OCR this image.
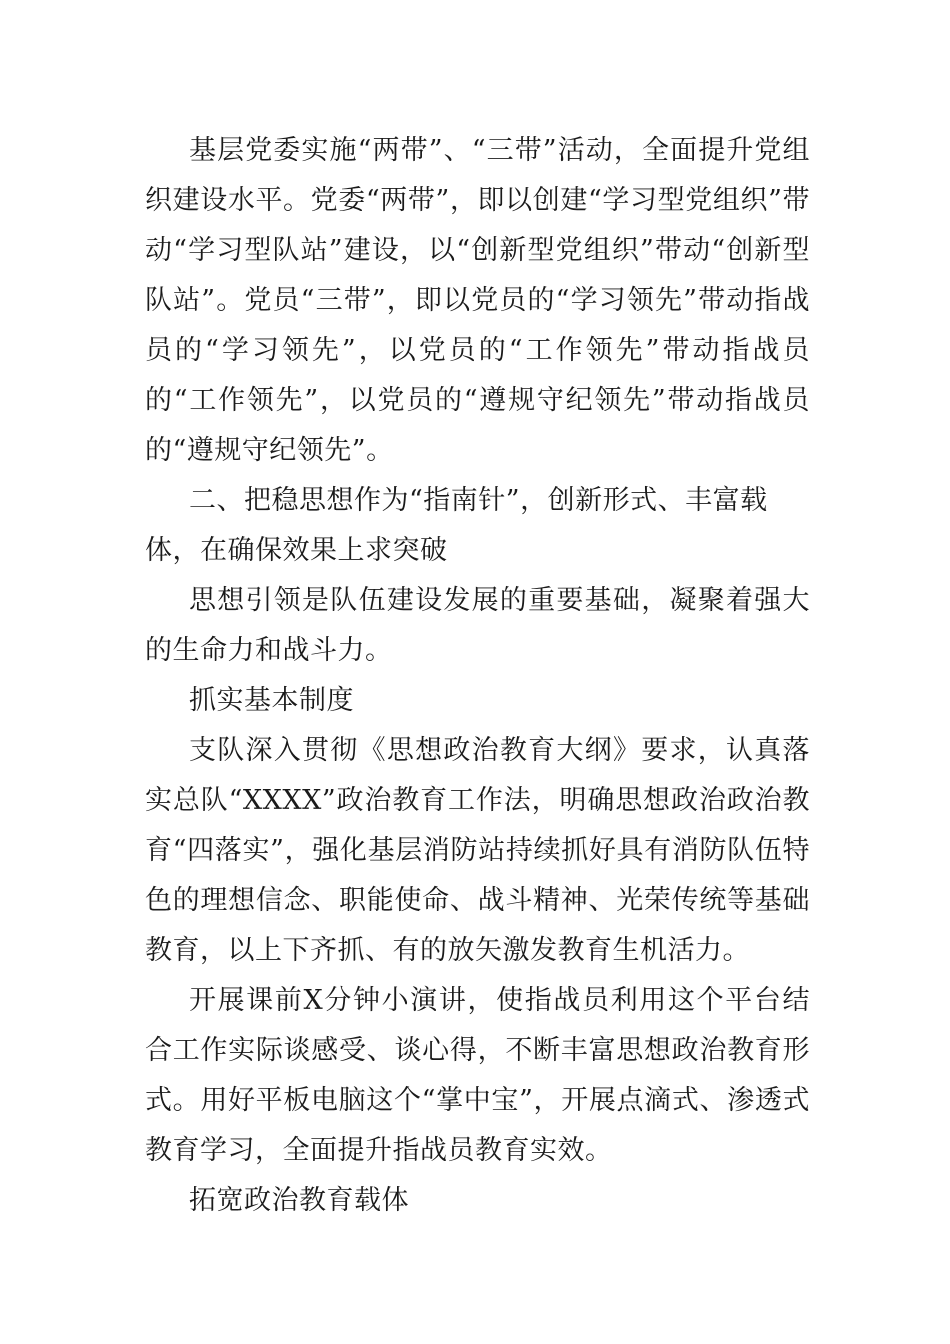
基层党委实施“两带”、“三带”活动，全面提升党组织建设水平。党委“两带”，即以创建“学习型党组织”带动“学习型队站”建设，以“创新型党组织”带动“创新型队站”。党员“三带”，即以党员的“学习领先”带动指战员的“学习领先”，以党员的“工作领先”带动指战员的“工作领先”，以党员的“遵规守纪领先”带动指战员的“遵规守纪领先”。

二、把稳思想作为“指南针”，创新形式、丰富载体，在确保效果上求突破

思想引领是队伍建设发展的重要基础，凝聚着强大的生命力和战斗力。

抓实基本制度

支队深入贯彻《思想政治教育大纲》要求，认真落实总队“XXXX”政治教育工作法，明确思想政治政治教育“四落实”，强化基层消防站持续抓好具有消防队伍特色的理想信念、职能使命、战斗精神、光荣传统等基础教育，以上下齐抓、有的放矢激发教育生机活力。

开展课前X分钟小演讲，使指战员利用这个平台结合工作实际谈感受、谈心得，不断丰富思想政治教育形式。用好平板电脑这个“掌中宝”，开展点滴式、渗透式教育学习，全面提升指战员教育实效。

拓宽政治教育载体
